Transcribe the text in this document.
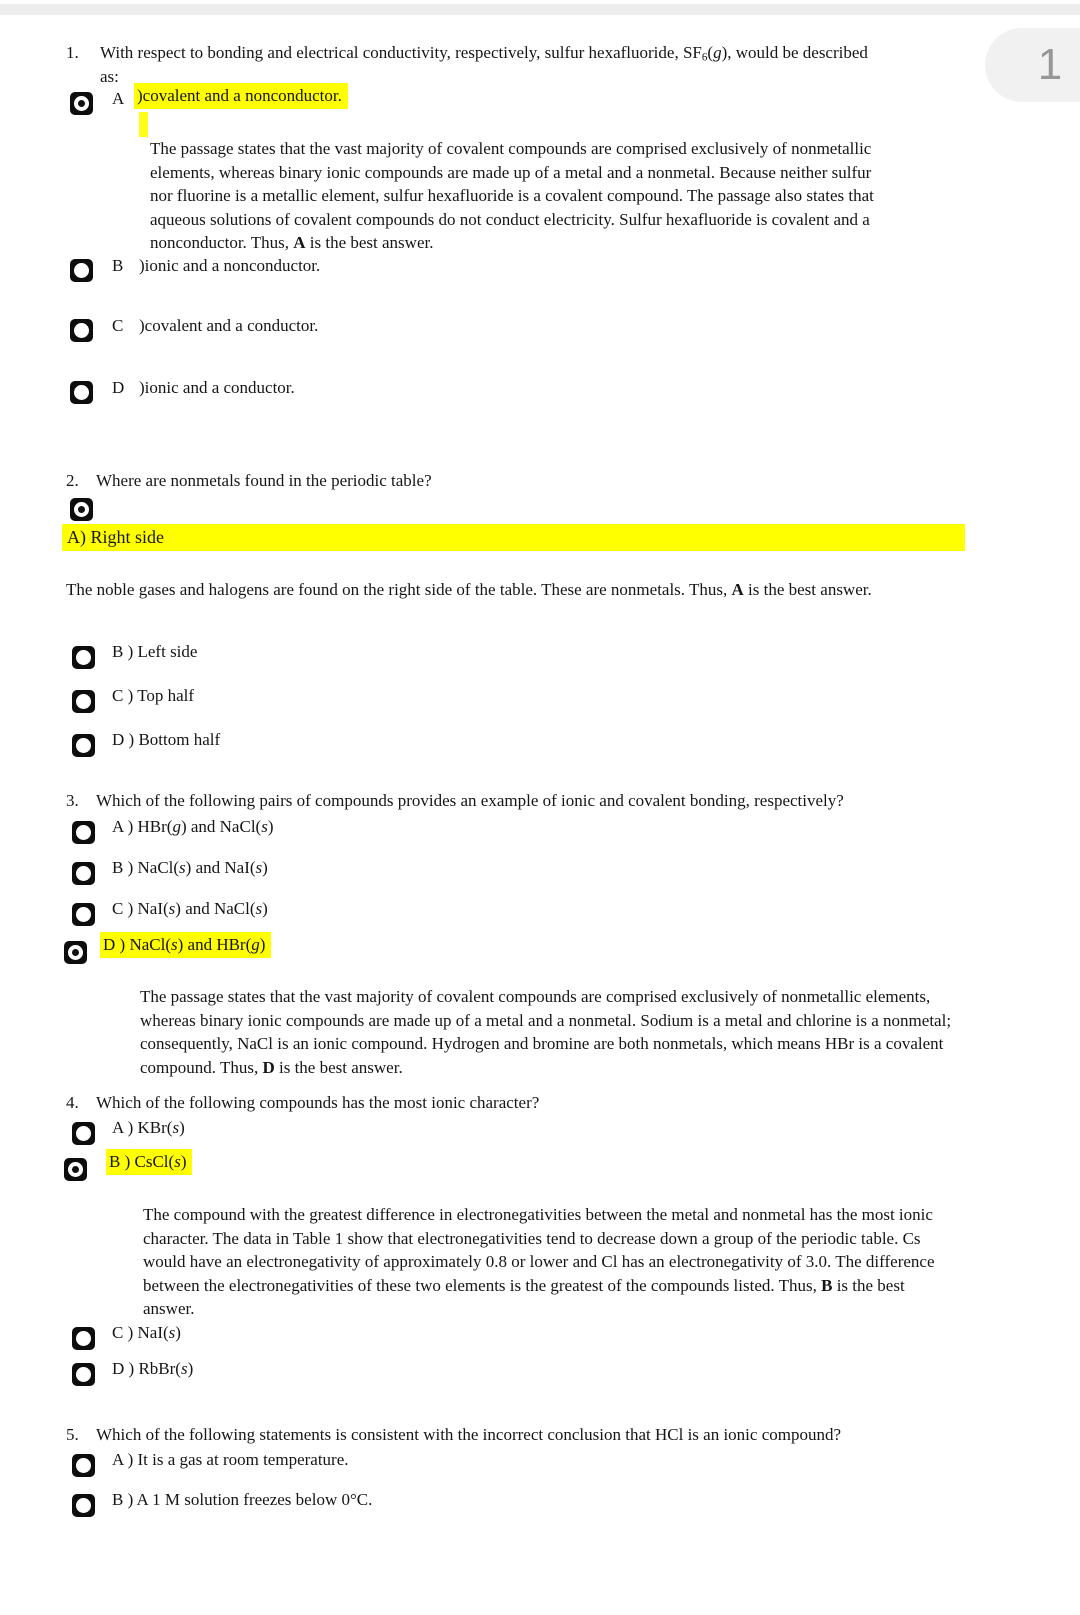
1
1. With respect to bonding and electrical conductivity, respectively, sulfur hexafluoride, $SF_6(g)$, would be described
as:
A )covalent and a nonconductor.
The passage states that the vast majority of covalent compounds are comprised exclusively of nonmetallic
elements, whereas binary ionic compounds are made up of a metal and a nonmetal. Because neither sulfur
nor fluorine is a metallic element, sulfur hexafluoride is a covalent compound. The passage also states that
aqueous solutions of covalent compounds do not conduct electricity. Sulfur hexafluoride is covalent and a
nonconductor. Thus, A is the best answer.
B )ionic and a nonconductor.
C )covalent and a conductor.
D )ionic and a conductor.
2. Where are nonmetals found in the periodic table?
A) Right side
The noble gases and halogens are found on the right side of the table. These are nonmetals. Thus, A is the best answer.
B ) Left side
C ) Top half
D ) Bottom half
3. Which of the following pairs of compounds provides an example of ionic and covalent bonding, respectively?
A ) HBr(g) and NaCl(s)
B ) NaCl(s) and NaI(s)
C ) NaI(s) and NaCl(s)
D ) NaCl(s) and HBr(g)
The passage states that the vast majority of covalent compounds are comprised exclusively of nonmetallic elements,
whereas binary ionic compounds are made up of a metal and a nonmetal. Sodium is a metal and chlorine is a nonmetal;
consequently, NaCl is an ionic compound. Hydrogen and bromine are both nonmetals, which means HBr is a covalent
compound. Thus, D is the best answer.
4. Which of the following compounds has the most ionic character?
A ) KBr(s)
B ) CsCl(s)
The compound with the greatest difference in electronegativities between the metal and nonmetal has the most ionic
character. The data in Table 1 show that electronegativities tend to decrease down a group of the periodic table. Cs
would have an electronegativity of approximately 0.8 or lower and Cl has an electronegativity of 3.0. The difference
between the electronegativities of these two elements is the greatest of the compounds listed. Thus, B is the best
answer.
C ) NaI(s)
D ) RbBr(s)
5. Which of the following statements is consistent with the incorrect conclusion that HCl is an ionic compound?
A ) It is a gas at room temperature.
B ) A 1 M solution freezes below 0°C.
